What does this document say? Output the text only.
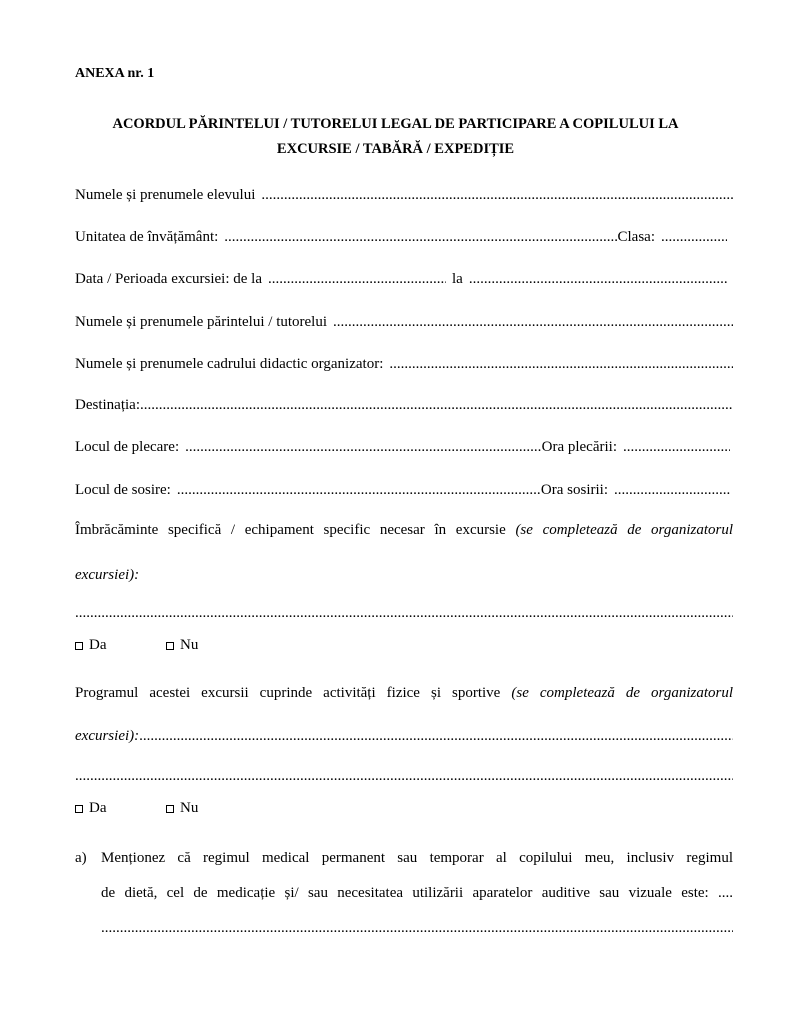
ANEXA nr. 1
ACORDUL PĂRINTELUI / TUTORELUI LEGAL DE PARTICIPARE A COPILULUI LA
EXCURSIE / TABĂRĂ / EXPEDIȚIE
Numele și prenumele elevului
.....
Unitatea de învățământ: .....	Clasa:
.....
Data / Perioada excursiei: de la .....	la
.....
Numele și prenumele părintelui / tutorelui
.....
Numele și prenumele cadrului didactic organizator:
.....
Destinația:
.....
Locul de plecare: .....	Ora plecării:
.....
Locul de sosire: .....	Ora sosirii:
.....
Îmbrăcăminte specifică / echipament specific necesar în excursie (se completează de organizatorul
excursiei):
.....
Da	Nu
Programul acestei excursii cuprinde activități fizice și sportive (se completează de organizatorul
excursiei):
.....
.....
Da	Nu
a) Menționez că regimul medical permanent sau temporar al copilului meu, inclusiv regimul
de dietă, cel de medicație și/ sau necesitatea utilizării aparatelor auditive sau vizuale este: ....
.....
